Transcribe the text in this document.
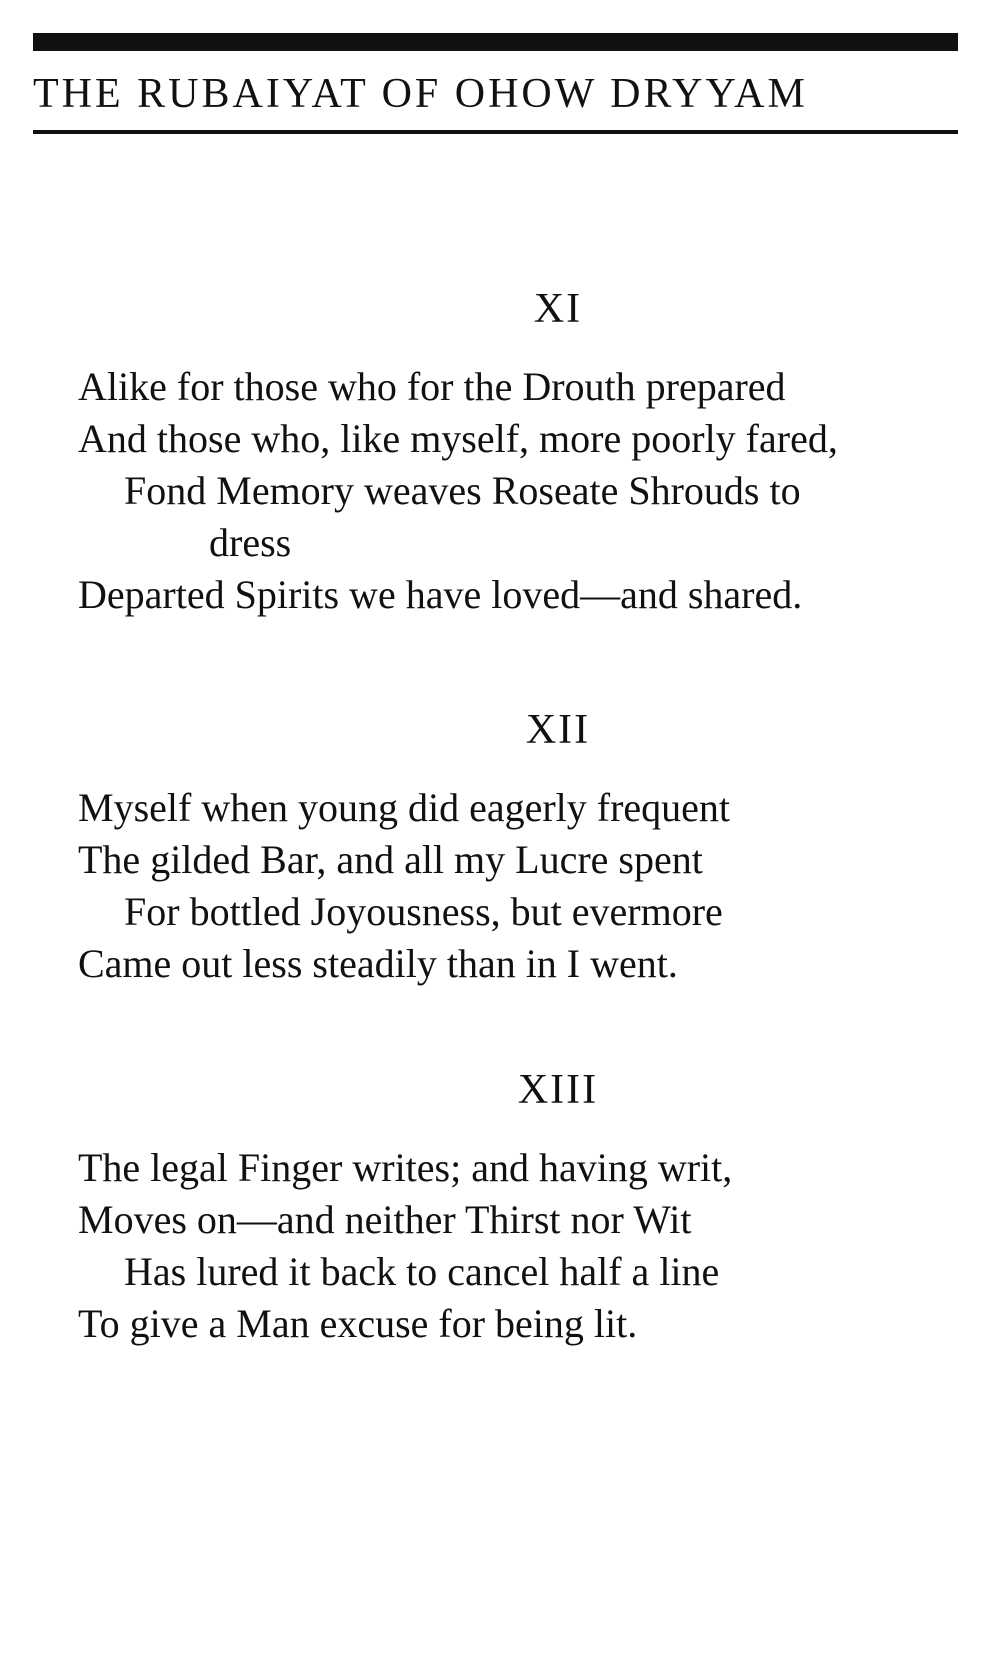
THE RUBAIYAT OF OHOW DRYYAM
XI
Alike for those who for the Drouth prepared
And those who, like myself, more poorly fared,
Fond Memory weaves Roseate Shrouds to
dress
Departed Spirits we have loved—and shared.
XII
Myself when young did eagerly frequent
The gilded Bar, and all my Lucre spent
For bottled Joyousness, but evermore
Came out less steadily than in I went.
XIII
The legal Finger writes; and having writ,
Moves on—and neither Thirst nor Wit
Has lured it back to cancel half a line
To give a Man excuse for being lit.
